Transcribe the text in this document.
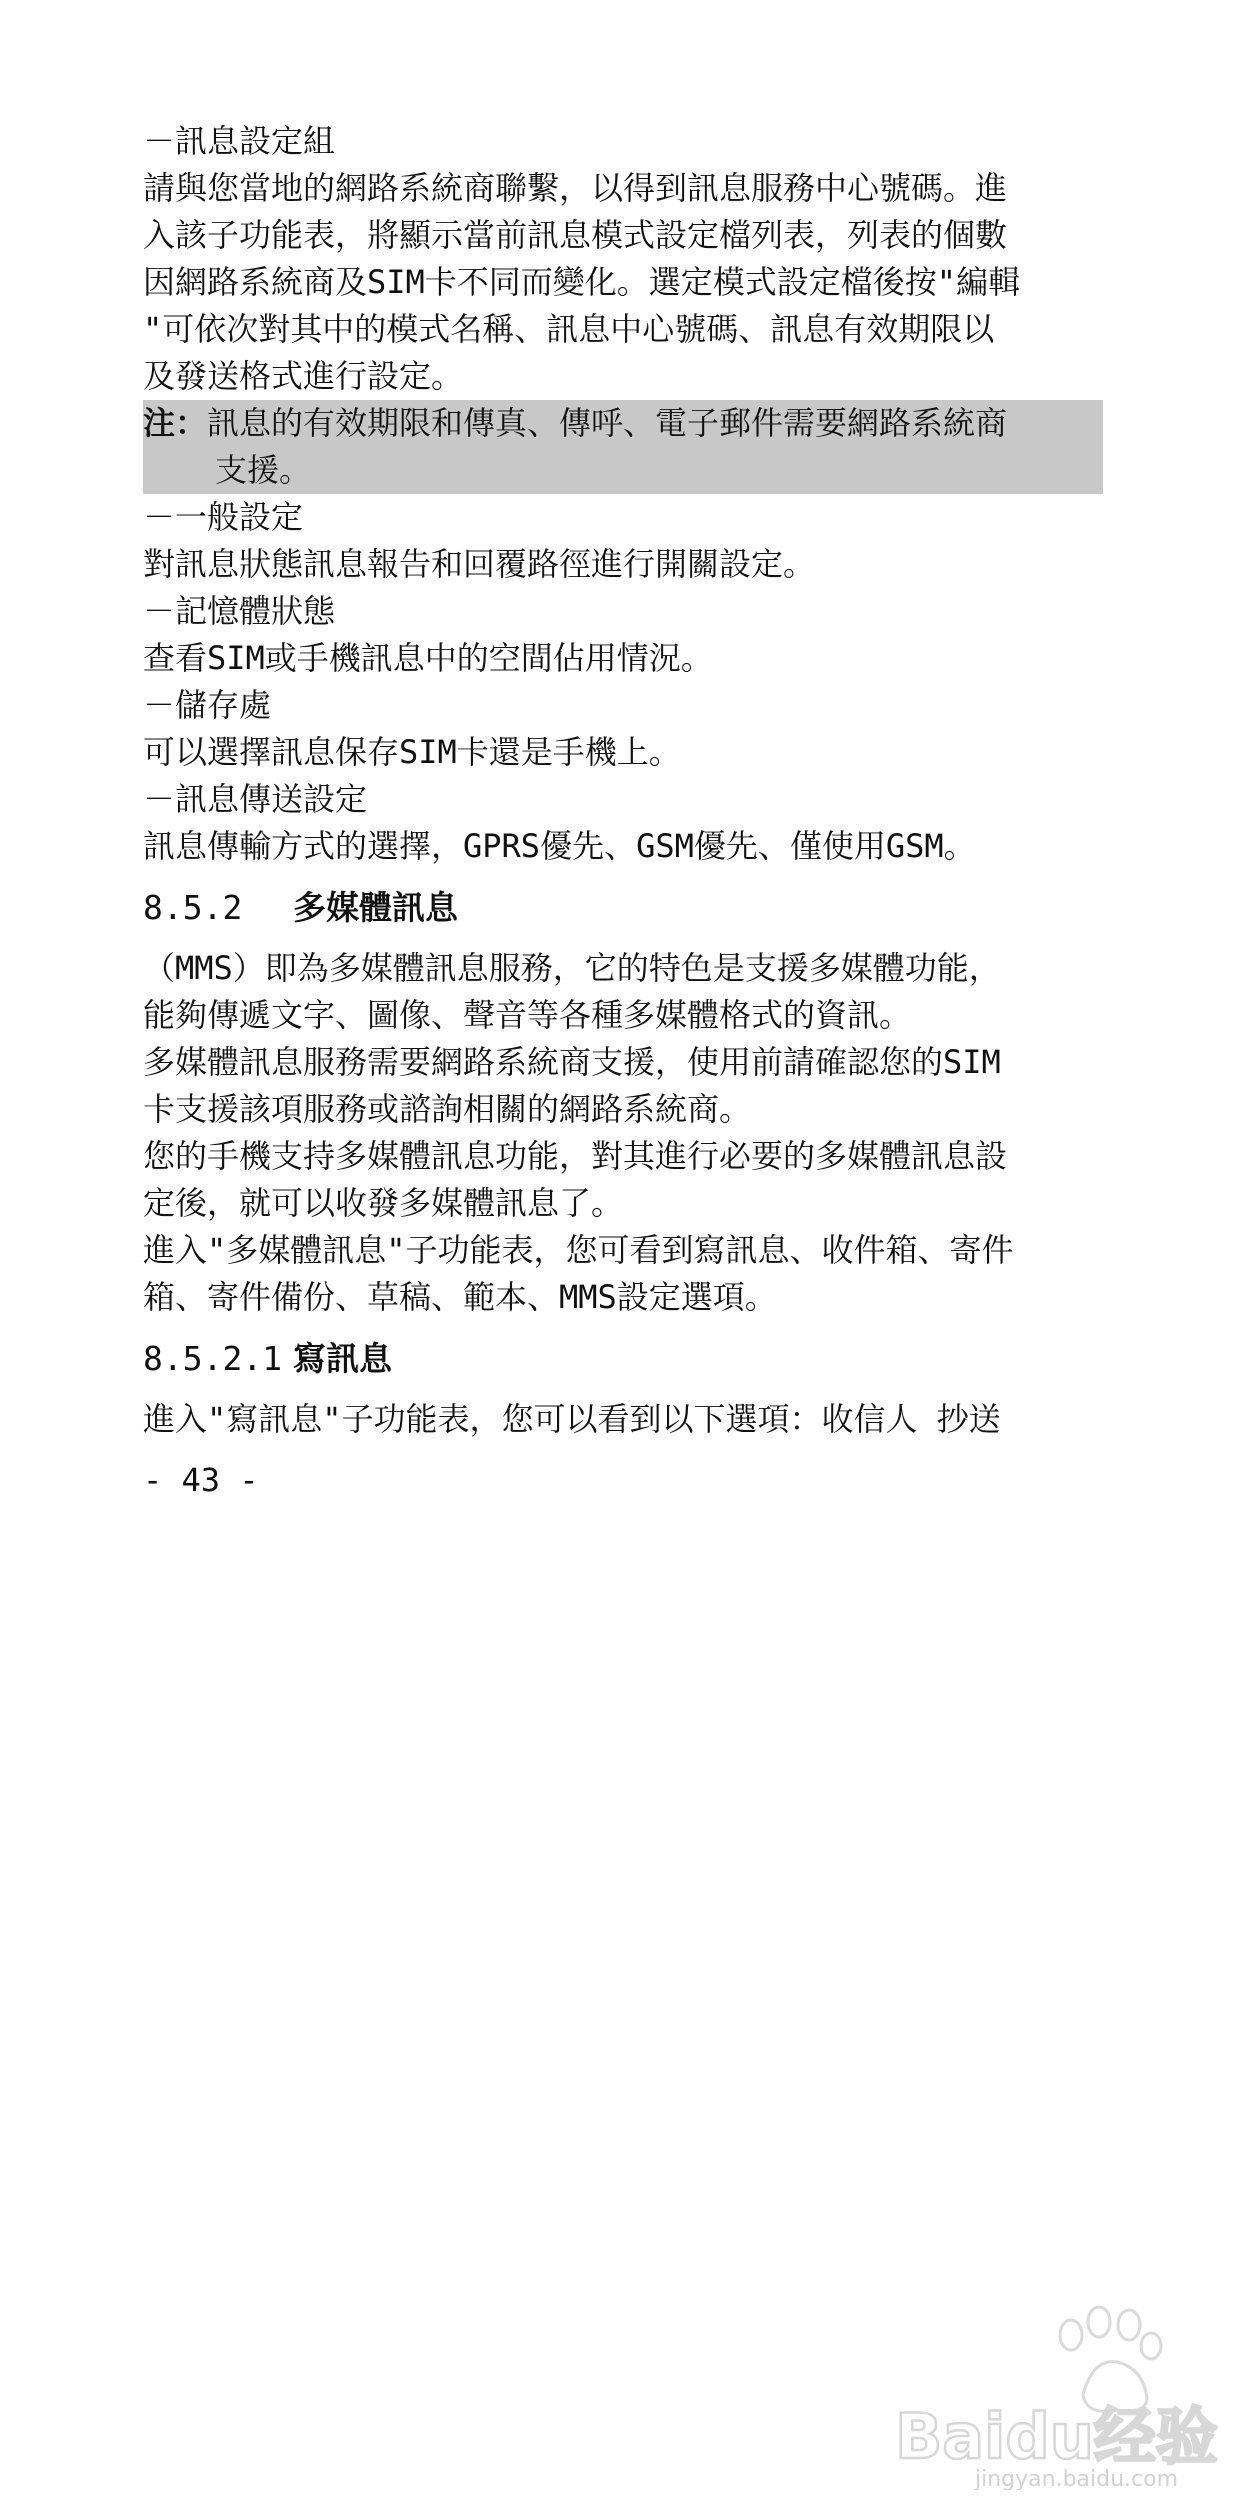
－訊息設定組
請與您當地的網路系統商聯繫，以得到訊息服務中心號碼。進
入該子功能表，將顯示當前訊息模式設定檔列表，列表的個數
因網路系統商及SIM卡不同而變化。選定模式設定檔後按"編輯
"可依次對其中的模式名稱、訊息中心號碼、訊息有效期限以
及發送格式進行設定。
注：訊息的有效期限和傳真、傳呼、電子郵件需要網路系統商
支援。
－一般設定
對訊息狀態訊息報告和回覆路徑進行開關設定。
－記憶體狀態
查看SIM或手機訊息中的空間佔用情況。
－儲存處
可以選擇訊息保存SIM卡還是手機上。
－訊息傳送設定
訊息傳輸方式的選擇，GPRS優先、GSM優先、僅使用GSM。
8.5.2 多媒體訊息
（MMS）即為多媒體訊息服務，它的特色是支援多媒體功能，
能夠傳遞文字、圖像、聲音等各種多媒體格式的資訊。
多媒體訊息服務需要網路系統商支援，使用前請確認您的SIM
卡支援該項服務或諮詢相關的網路系統商。
您的手機支持多媒體訊息功能，對其進行必要的多媒體訊息設
定後，就可以收發多媒體訊息了。
進入"多媒體訊息"子功能表，您可看到寫訊息、收件箱、寄件
箱、寄件備份、草稿、範本、MMS設定選項。
8.5.2.1 寫訊息
進入"寫訊息"子功能表，您可以看到以下選項：收信人 抄送
- 43 -
Baidu经验
jingyan.baidu.com
